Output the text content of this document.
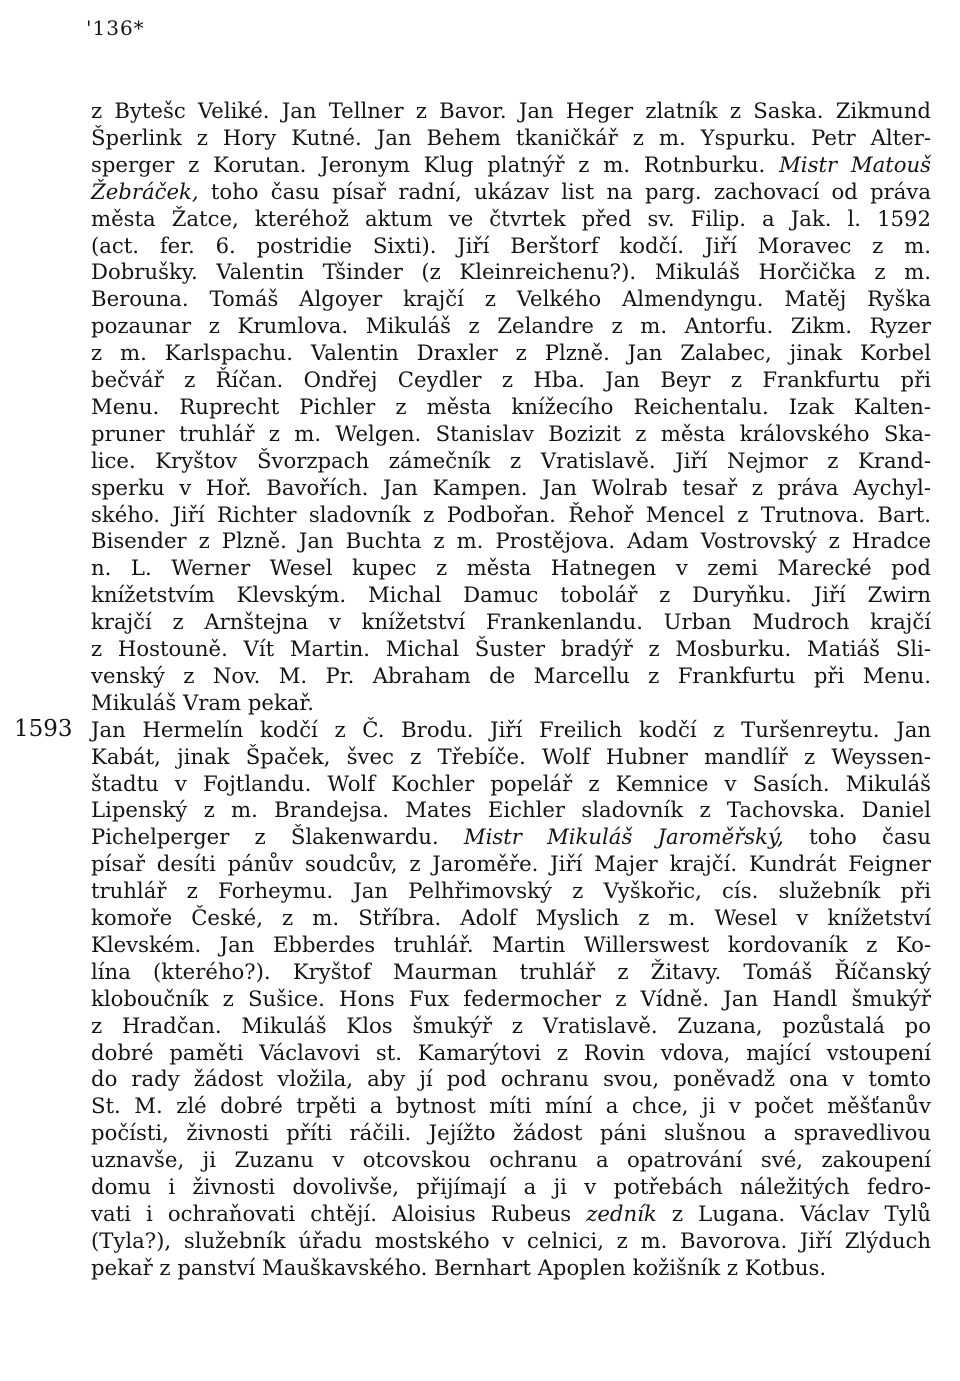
'136*
1593
z Bytešc Veliké. Jan Tellner z Bavor. Jan Heger zlatník z Saska. Zikmund
Šperlink z Hory Kutné. Jan Behem tkaničkář z m. Yspurku. Petr Alter-
sperger z Korutan. Jeronym Klug platnýř z m. Rotnburku. Mistr Matouš
Žebráček, toho času písař radní, ukázav list na parg. zachovací od práva
města Žatce, kteréhož aktum ve čtvrtek před sv. Filip. a Jak. l. 1592
(act. fer. 6. postridie Sixti). Jiří Berštorf kodčí. Jiří Moravec z m.
Dobrušky. Valentin Tšinder (z Kleinreichenu?). Mikuláš Horčička z m.
Berouna. Tomáš Algoyer krajčí z Velkého Almendyngu. Matěj Ryška
pozaunar z Krumlova. Mikuláš z Zelandre z m. Antorfu. Zikm. Ryzer
z m. Karlspachu. Valentin Draxler z Plzně. Jan Zalabec, jinak Korbel
bečvář z Říčan. Ondřej Ceydler z Hba. Jan Beyr z Frankfurtu při
Menu. Ruprecht Pichler z města knížecího Reichentalu. Izak Kalten-
pruner truhlář z m. Welgen. Stanislav Bozizit z města královského Ska-
lice. Kryštov Švorzpach zámečník z Vratislavě. Jiří Nejmor z Krand-
sperku v Hoř. Bavořích. Jan Kampen. Jan Wolrab tesař z práva Aychyl-
ského. Jiří Richter sladovník z Podbořan. Řehoř Mencel z Trutnova. Bart.
Bisender z Plzně. Jan Buchta z m. Prostějova. Adam Vostrovský z Hradce
n. L. Werner Wesel kupec z města Hatnegen v zemi Marecké pod
knížetstvím Klevským. Michal Damuc tobolář z Duryňku. Jiří Zwirn
krajčí z Arnštejna v knížetství Frankenlandu. Urban Mudroch krajčí
z Hostouně. Vít Martin. Michal Šuster bradýř z Mosburku. Matiáš Sli-
venský z Nov. M. Pr. Abraham de Marcellu z Frankfurtu při Menu.
Mikuláš Vram pekař.
Jan Hermelín kodčí z Č. Brodu. Jiří Freilich kodčí z Turšenreytu. Jan
Kabát, jinak Špaček, švec z Třebíče. Wolf Hubner mandlíř z Weyssen-
štadtu v Fojtlandu. Wolf Kochler popelář z Kemnice v Sasích. Mikuláš
Lipenský z m. Brandejsa. Mates Eichler sladovník z Tachovska. Daniel
Pichelperger z Šlakenwardu. Mistr Mikuláš Jaroměřský, toho času
písař desíti pánův soudcův, z Jaroměře. Jiří Majer krajčí. Kundrát Feigner
truhlář z Forheymu. Jan Pelhřimovský z Vyškořic, cís. služebník při
komoře České, z m. Stříbra. Adolf Myslich z m. Wesel v knížetství
Klevském. Jan Ebberdes truhlář. Martin Willerswest kordovaník z Ko-
lína (kterého?). Kryštof Maurman truhlář z Žitavy. Tomáš Říčanský
kloboučník z Sušice. Hons Fux federmocher z Vídně. Jan Handl šmukýř
z Hradčan. Mikuláš Klos šmukýř z Vratislavě. Zuzana, pozůstalá po
dobré paměti Václavovi st. Kamarýtovi z Rovin vdova, mající vstoupení
do rady žádost vložila, aby jí pod ochranu svou, poněvadž ona v tomto
St. M. zlé dobré trpěti a bytnost míti míní a chce, ji v počet měšťanův
počísti, živnosti příti ráčili. Jejížto žádost páni slušnou a spravedlivou
uznavše, ji Zuzanu v otcovskou ochranu a opatrování své, zakoupení
domu i živnosti dovolivše, přijímají a ji v potřebách náležitých fedro-
vati i ochraňovati chtějí. Aloisius Rubeus zedník z Lugana. Václav Tylů
(Tyla?), služebník úřadu mostského v celnici, z m. Bavorova. Jiří Zlýduch
pekař z panství Mauškavského. Bernhart Apoplen kožišník z Kotbus.
